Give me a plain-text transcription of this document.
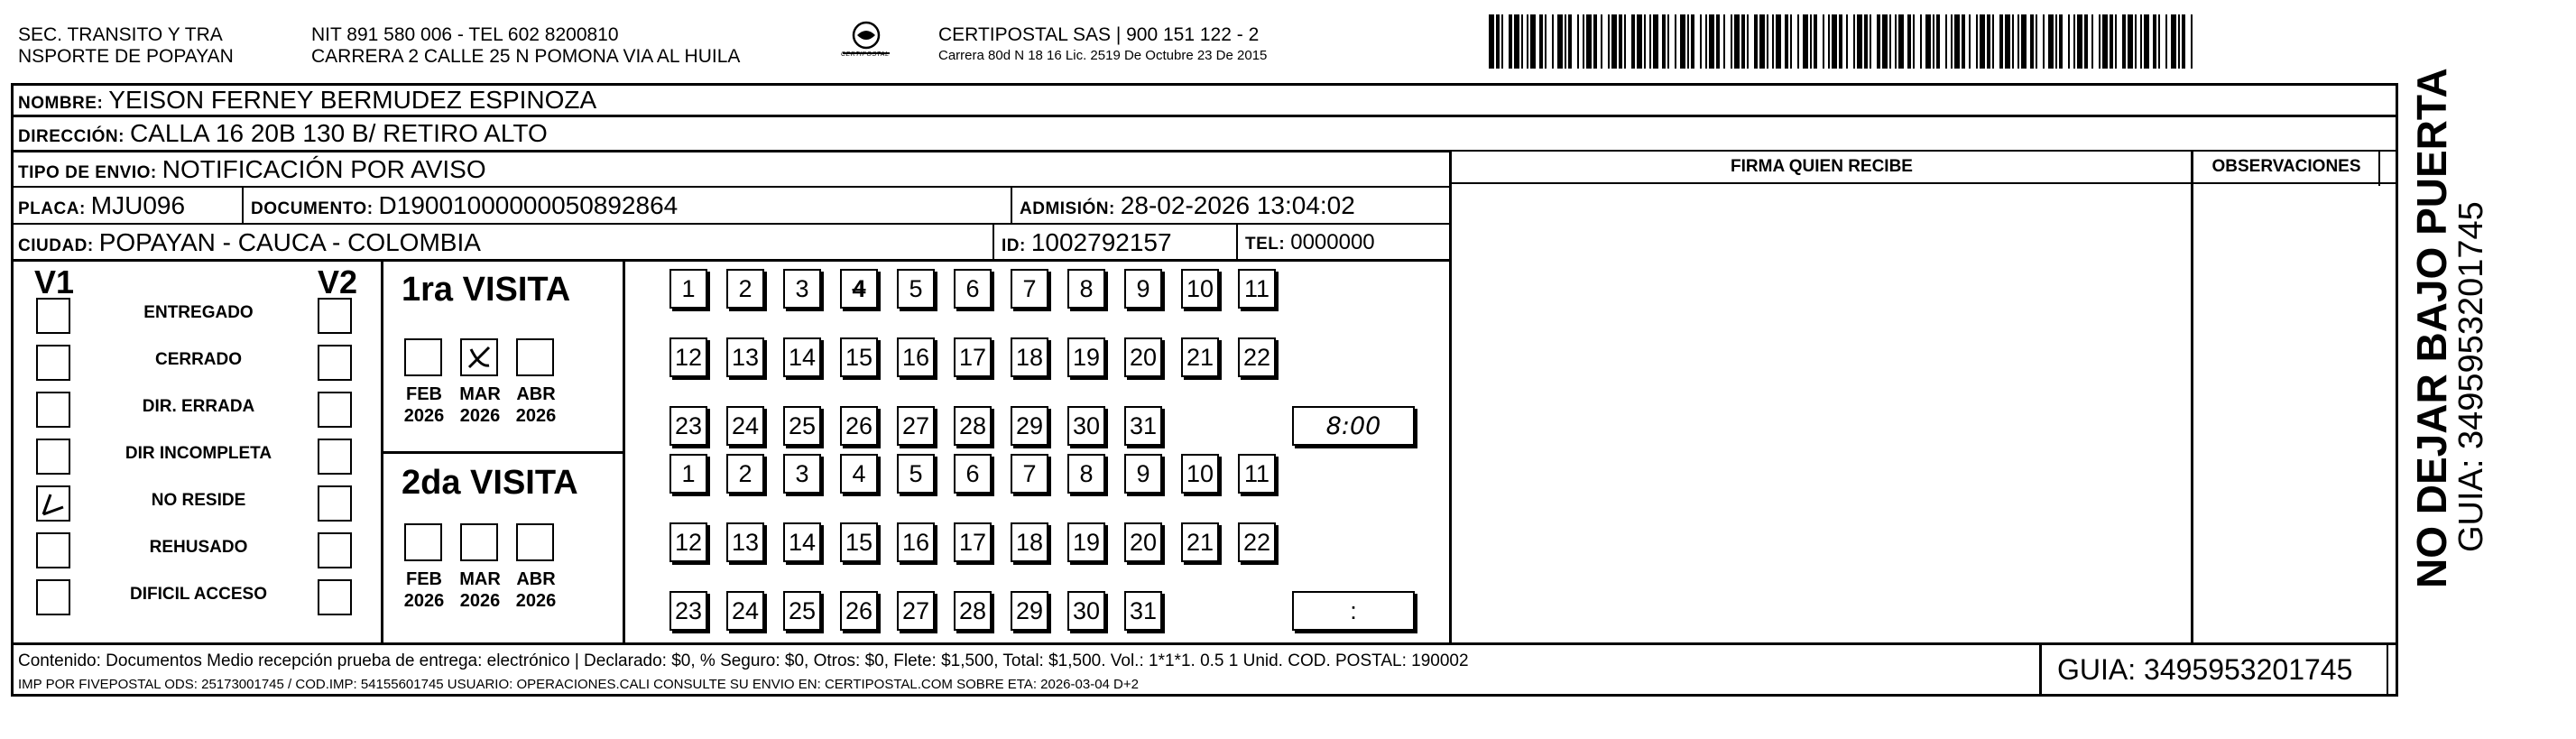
SEC. TRANSITO Y TRA
NSPORTE DE POPAYAN
NIT 891 580 006 - TEL 602 8200810
CARRERA 2 CALLE 25 N POMONA VIA AL HUILA	CERTIPOSTAL
CERTIPOSTAL SAS | 900 151 122 - 2
Carrera 80d N 18 16 Lic. 2519 De Octubre 23 De 2015
NOMBRE: YEISON FERNEY BERMUDEZ ESPINOZA
DIRECCIÓN: CALLA 16 20B 130 B/ RETIRO ALTO
TIPO DE ENVIO: NOTIFICACIÓN POR AVISO
PLACA: MJU096	DOCUMENTO: D19001000000050892864	ADMISIÓN: 28-02-2026 13:04:02
CIUDAD: POPAYAN - CAUCA - COLOMBIA	ID: 1002792157	TEL: 0000000
FIRMA QUIEN RECIBE	OBSERVACIONES
V1	V2 1ra VISITA
2da VISITA
8:00
:
Contenido: Documentos Medio recepción prueba de entrega: electrónico | Declarado: $0, % Seguro: $0, Otros: $0, Flete: $1,500, Total: $1,500. Vol.: 1*1*1. 0.5 1 Unid. COD. POSTAL: 190002
IMP POR FIVEPOSTAL ODS: 25173001745 / COD.IMP: 54155601745 USUARIO: OPERACIONES.CALI CONSULTE SU ENVIO EN: CERTIPOSTAL.COM SOBRE ETA: 2026-03-04 D+2	GUIA: 3495953201745
NO DEJAR BAJO PUERTA
GUIA: 3495953201745
ENTREGADO
CERRADO
DIR. ERRADA
DIR INCOMPLETA
NO RESIDE
REHUSADO
DIFICIL ACCESO
FEB
2026
MAR
2026
ABR
2026
FEB
2026
MAR
2026
ABR
2026
1	2	3	4	5	6	7	8	9	10 11
12 13 14 15 16 17 18 19 20 21 22
23 24 25 26 27 28 29 30 31
1	2	3	4	5	6	7	8	9	10 11
12 13 14 15 16 17 18 19 20 21 22
23 24 25 26 27 28 29 30 31
